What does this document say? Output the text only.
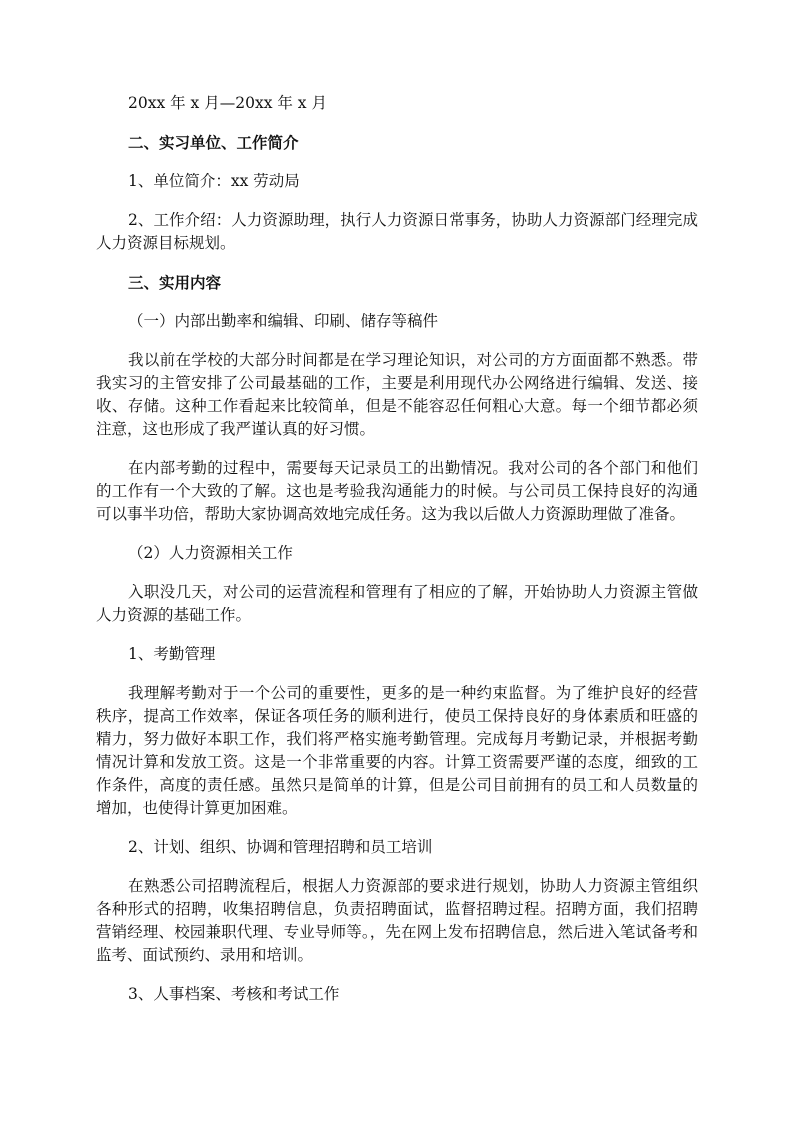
20xx 年 x 月—20xx 年 x 月

二、实习单位、工作简介

1、单位简介：xx 劳动局

2、工作介绍：人力资源助理，执行人力资源日常事务，协助人力资源部门经理完成人力资源目标规划。

三、实用内容

（一）内部出勤率和编辑、印刷、储存等稿件

我以前在学校的大部分时间都是在学习理论知识，对公司的方方面面都不熟悉。带我实习的主管安排了公司最基础的工作，主要是利用现代办公网络进行编辑、发送、接收、存储。这种工作看起来比较简单，但是不能容忍任何粗心大意。每一个细节都必须注意，这也形成了我严谨认真的好习惯。

在内部考勤的过程中，需要每天记录员工的出勤情况。我对公司的各个部门和他们的工作有一个大致的了解。这也是考验我沟通能力的时候。与公司员工保持良好的沟通可以事半功倍，帮助大家协调高效地完成任务。这为我以后做人力资源助理做了准备。

（2）人力资源相关工作

入职没几天，对公司的运营流程和管理有了相应的了解，开始协助人力资源主管做人力资源的基础工作。

1、考勤管理

我理解考勤对于一个公司的重要性，更多的是一种约束监督。为了维护良好的经营秩序，提高工作效率，保证各项任务的顺利进行，使员工保持良好的身体素质和旺盛的精力，努力做好本职工作，我们将严格实施考勤管理。完成每月考勤记录，并根据考勤情况计算和发放工资。这是一个非常重要的内容。计算工资需要严谨的态度，细致的工作条件，高度的责任感。虽然只是简单的计算，但是公司目前拥有的员工和人员数量的增加，也使得计算更加困难。

2、计划、组织、协调和管理招聘和员工培训

在熟悉公司招聘流程后，根据人力资源部的要求进行规划，协助人力资源主管组织各种形式的招聘，收集招聘信息，负责招聘面试，监督招聘过程。招聘方面，我们招聘营销经理、校园兼职代理、专业导师等。，先在网上发布招聘信息，然后进入笔试备考和监考、面试预约、录用和培训。

3、人事档案、考核和考试工作
